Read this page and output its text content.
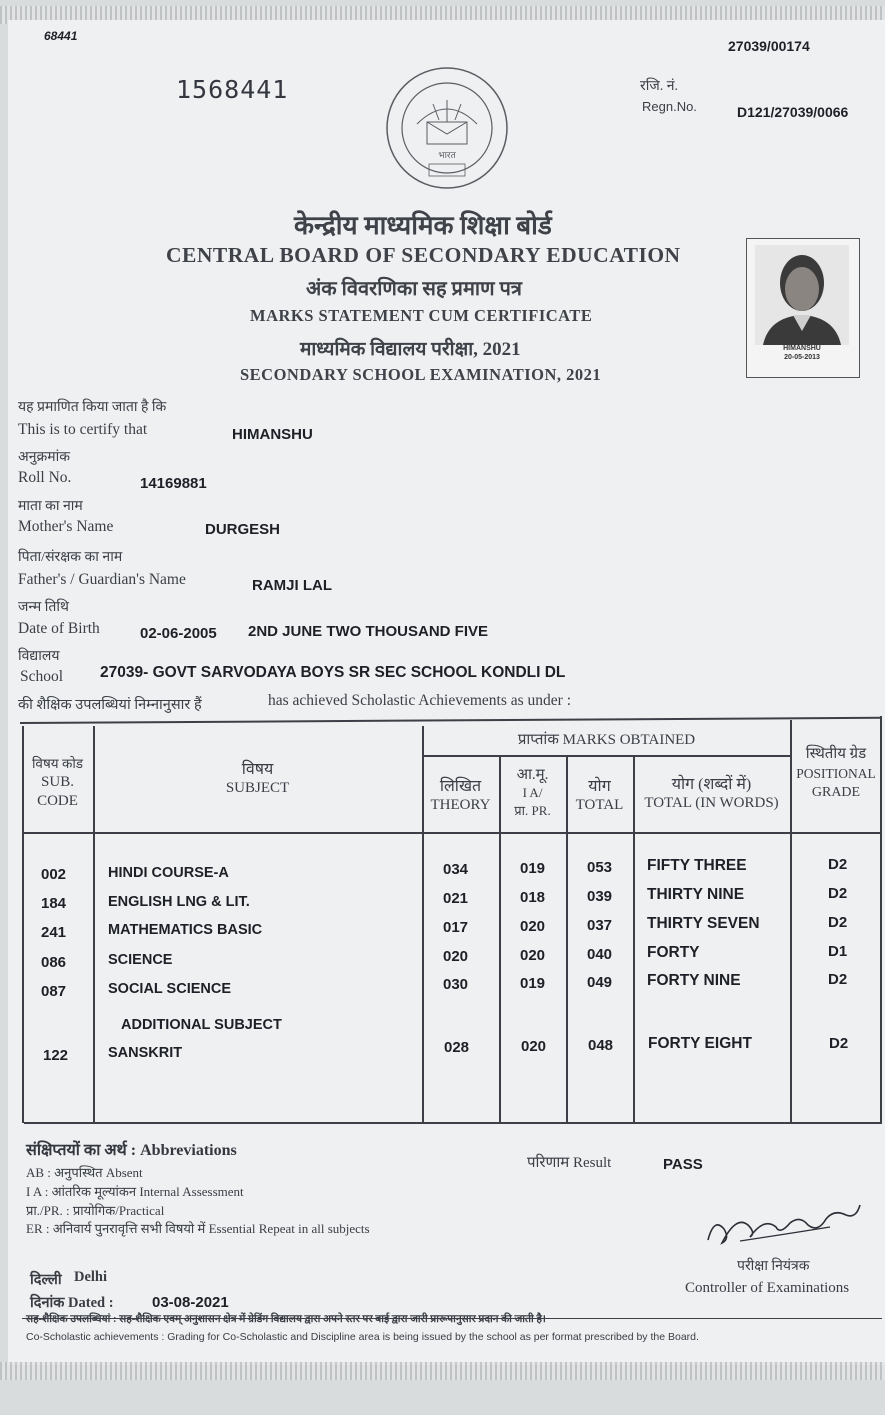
68441
27039/00174
1568441	रजि. नं.
Regn.No.	D121/27039/0066
भारत
केन्द्रीय माध्यमिक शिक्षा बोर्ड
CENTRAL BOARD OF SECONDARY EDUCATION
अंक विवरणिका सह प्रमाण पत्र
MARKS STATEMENT CUM CERTIFICATE
माध्यमिक विद्यालय परीक्षा, 2021
SECONDARY SCHOOL EXAMINATION, 2021
HIMANSHU
20-05-2013
यह प्रमाणित किया जाता है कि
This is to certify that	HIMANSHU
अनुक्रमांक
Roll No.	14169881
माता का नाम
Mother's Name	DURGESH
पिता/संरक्षक का नाम
Father's / Guardian's Name	RAMJI LAL
जन्म तिथि
Date of Birth	02-06-2005 2ND JUNE TWO THOUSAND FIVE
विद्यालय
School 27039- GOVT SARVODAYA BOYS SR SEC SCHOOL KONDLI DL
की शैक्षिक उपलब्धियां निम्नानुसार हैं	has achieved Scholastic Achievements as under :
विषय कोड
SUB.
CODE
विषय
SUBJECT
प्राप्तांक MARKS OBTAINED
लिखित
THEORY
आ.मू.
I A/
प्रा. PR.
योग
TOTAL
योग (शब्दों में)
TOTAL (IN WORDS)
स्थितीय ग्रेड
POSITIONAL
GRADE
002	HINDI COURSE-A	034	019	053 FIFTY THREE	D2
184	ENGLISH LNG & LIT.	021	018	039 THIRTY NINE	D2
241	MATHEMATICS BASIC	017	020	037 THIRTY SEVEN	D2
086	SCIENCE	020	020	040 FORTY	D1
087	SOCIAL SCIENCE	030	019	049 FORTY NINE	D2
ADDITIONAL SUBJECT
122	SANSKRIT	028	020	048 FORTY EIGHT	D2
संक्षिप्तयों का अर्थ : Abbreviations
AB : अनुपस्थित Absent
I A : आंतरिक मूल्यांकन Internal Assessment
प्रा./PR. : प्रायोगिक/Practical
ER : अनिवार्य पुनरावृत्ति सभी विषयो में Essential Repeat in all subjects
परिणाम Result	PASS
परीक्षा नियंत्रक
Controller of Examinations
दिल्ली Delhi
दिनांक Dated :	03-08-2021
सह-शैक्षिक उपलब्धियां : सह-शैक्षिक एवम् अनुशासन क्षेत्र में ग्रेडिंग विद्यालय द्वारा अपने स्तर पर बाई द्वारा जारी प्रारूपानुसार प्रदान की जाती है।
Co-Scholastic achievements : Grading for Co-Scholastic and Discipline area is being issued by the school as per format prescribed by the Board.
